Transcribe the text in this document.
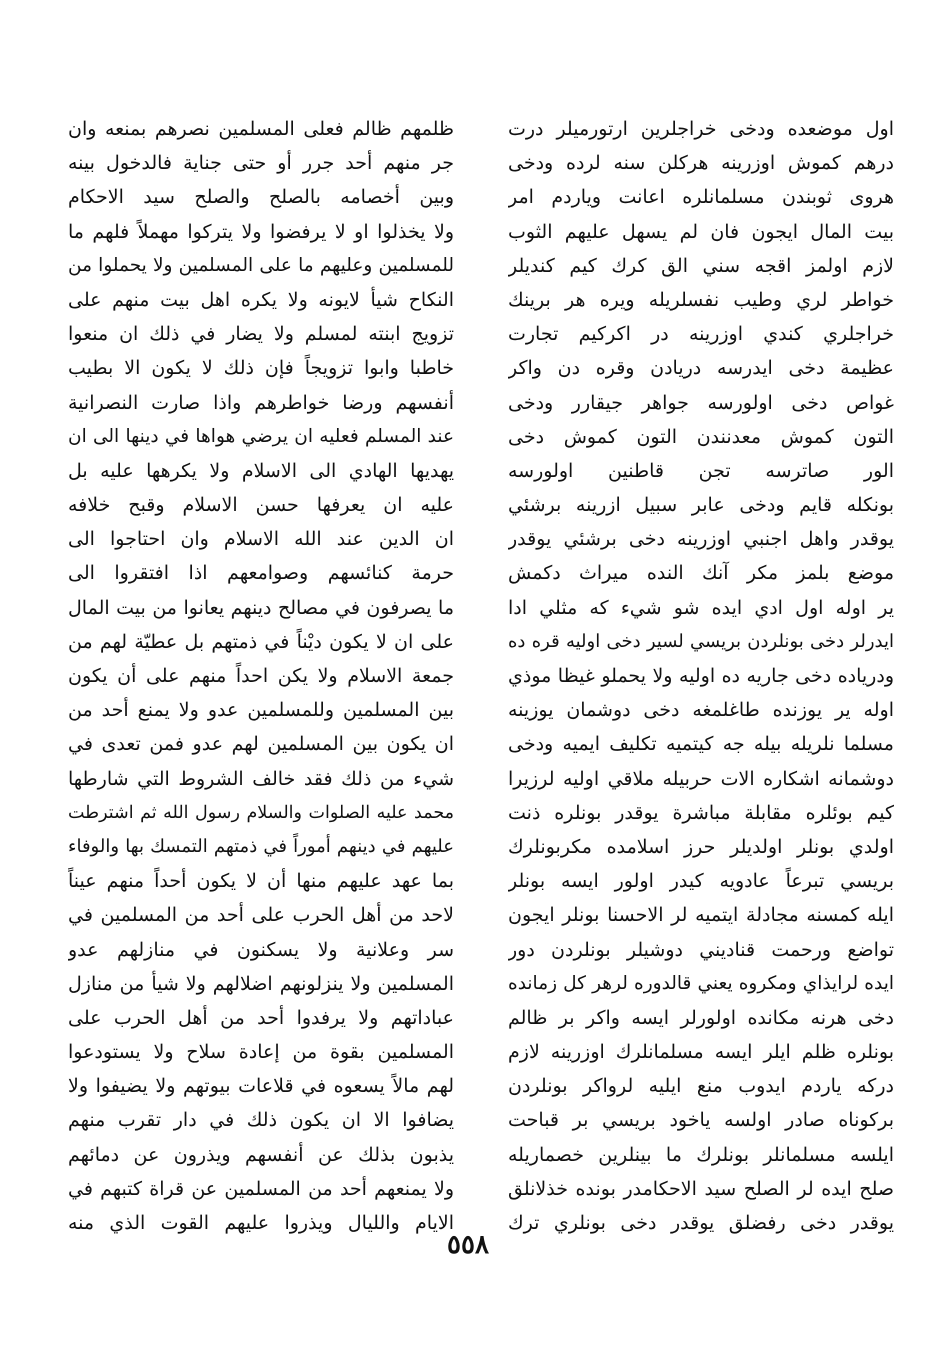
اول موضعده ودخی خراجلرین ارتورمیلر درت
درهم کموش اوزرینه هرکلن سنه لرده ودخی
هروی ثوبندن مسلمانلره اعانت ویاردم امر
بیت المال ایجون فان لم یسهل علیهم الثوب
لازم اولمز اقجه سني الق كرك كيم كنديلر
خواطر لري وطيب نفسلريله ويره هر برينك
خراجلري كندي اوزرينه در اكركيم تجارت
عظيمة دخى ايدرسه دريادن وقره دن واكر
غواص دخى اولورسه جواهر جيقارر ودخى
التون كموش معدنندن التون كموش دخى
الور صاترسه تجن قاطنين اولورسه
بونكله قايم ودخى عابر سبيل ازرينه برشئي
يوقدر واهل اجنبي اوزرينه دخى برشئي يوقدر
موضع بلمز مكر آنك الندە ميراث دكمش
ير اوله اول ادي ايده شو شيء كه مثلي ادا
ايدرلر دخى بونلردن بريسي لسير دخى اوليه قره ده
ودرياده دخى جاريه ده اوليه ولا يحملو غيظا موذي
اوله ير يوزنده طاغلمغه دخى دوشمان يوزينه
مسلما نلريله بيله جه كيتميه تكليف ايميه ودخى
دوشمانه اشكاره الات حربيله ملاقي اوليه لرزيرا
كيم بوئلره مقابلة مباشرة يوقدر بونلره ذنت
اولدي بونلر اولديلر حرز اسلامده مكربونلرك
بريسي تبرعاً عادويه كيدر اولور ايسه بونلر
ايله كمسنه مجادلة ايتميه لر الاحسنا بونلر ايجون
تواضع ورحمت قناديني دوشيلر بونلردن دور
ايده لرايذاي ومكروه يعني قالدوره لرهر كل زمانده
دخى هرنه مكانده اولورلر ايسه واكر بر ظالم
بونلره ظلم ايلر ايسه مسلمانلرك اوزرينه لازم
دركه ياردم ايدوب منع ايليه لرواكر بونلردن
بركوناه صادر اولسه ياخود بريسي بر قباحت
ايلسه مسلمانلر بونلرك ما بينلرين خصماريله
صلح ايده لر الصلح سيد الاحكامدر بونده خذلانلق
يوقدر دخى رفضلق يوقدر دخى بونلري ترك
ظلمهم ظالم فعلى المسلمين نصرهم بمنعه وان
جر منهم أحد جرر أو حتى جناية فالدخول بينه
وبين أخصامه بالصلح والصلح سيد الاحكام
ولا يخذلوا او لا يرفضوا ولا يتركوا مهملاً فلهم ما
للمسلمين وعليهم ما على المسلمين ولا يحملوا من
النكاح شيأ لايونه ولا يكره اهل بيت منهم على
تزويج ابنته لمسلم ولا يضار في ذلك ان منعوا
خاطبا وابوا تزويجاً فإن ذلك لا يكون الا بطيب
أنفسهم ورضا خواطرهم واذا صارت النصرانية
عند المسلم فعليه ان يرضي هواها في دينها الى ان
يهديها الهادي الى الاسلام ولا يكرهها عليه بل
عليه ان يعرفها حسن الاسلام وقبح خلافه
ان الدين عند الله الاسلام وان احتاجوا الى
حرمة كنائسهم وصوامعهم اذا افتقروا الى
ما يصرفون في مصالح دينهم يعانوا من بيت المال
على ان لا يكون ديْناً في ذمتهم بل عطيّة لهم من
جمعة الاسلام ولا يكن احداً منهم على أن يكون
بين المسلمين وللمسلمين عدو ولا يمنع أحد من
ان يكون بين المسلمين لهم عدو فمن تعدى في
شيء من ذلك فقد خالف الشروط التي شارطها
محمد عليه الصلوات والسلام رسول الله ثم اشترطت
عليهم في دينهم أموراً في ذمتهم التمسك بها والوفاء
بما عهد عليهم منها أن لا يكون أحداً منهم عيناً
لاحد من أهل الحرب على أحد من المسلمين في
سر وعلانية ولا يسكنون في منازلهم عدو
المسلمين ولا ينزلونهم اضلالهم ولا شيأ من منازل
عباداتهم ولا يرفدوا أحد من أهل الحرب على
المسلمين بقوة من إعادة سلاح ولا يستودعوا
لهم مالاً يسعوه في قلاعات بيوتهم ولا يضيفوا ولا
يضافوا الا ان يكون ذلك في دار تقرب منهم
يذبون بذلك عن أنفسهم ويذرون عن دمائهم
ولا يمنعهم أحد من المسلمين عن قراة كتبهم في
الايام والليال ويذروا عليهم القوت الذي منه
٥٥٨
